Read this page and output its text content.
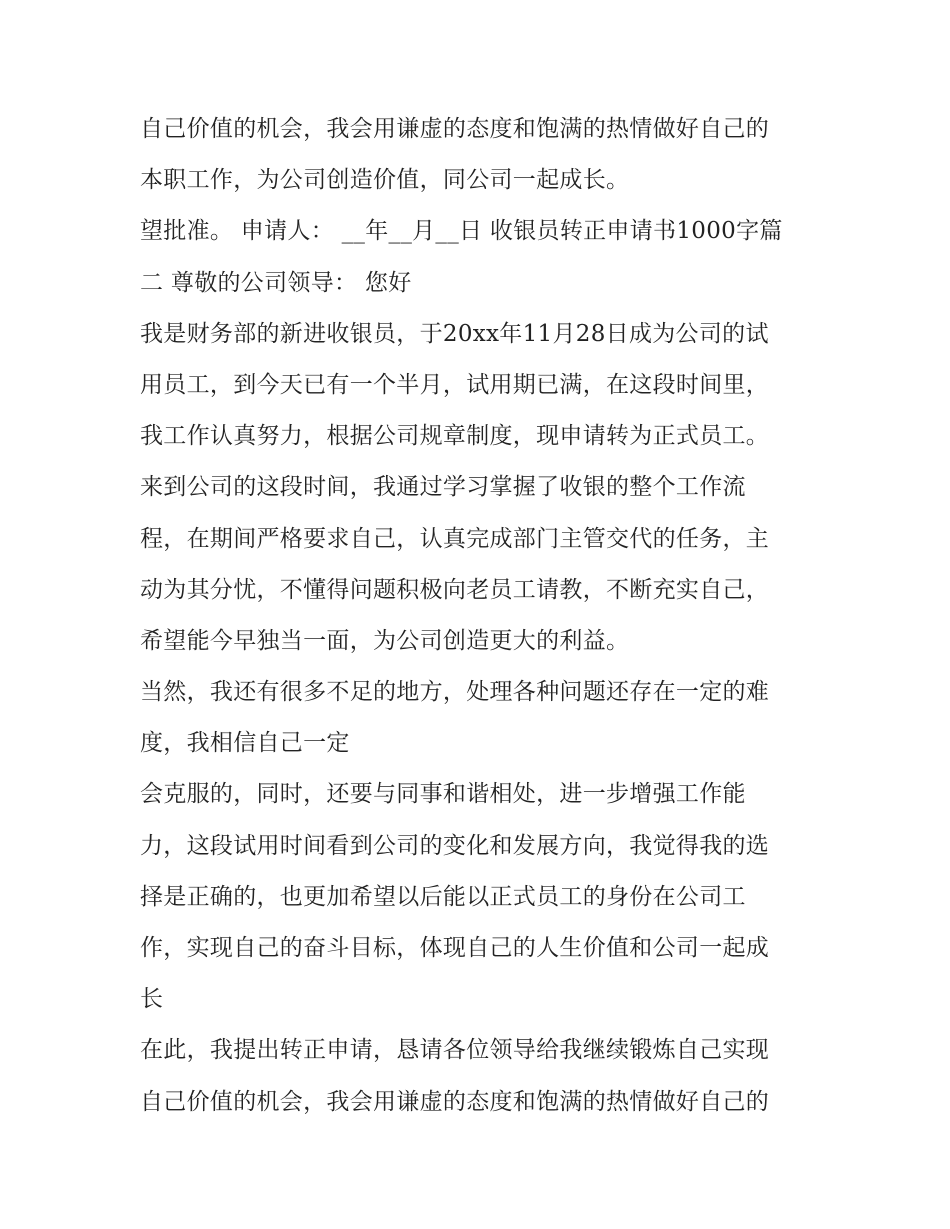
自己价值的机会，我会用谦虚的态度和饱满的热情做好自己的
本职工作，为公司创造价值，同公司一起成长。
望批准。 申请人： __年__月__日 收银员转正申请书1000字篇
二 尊敬的公司领导： 您好
我是财务部的新进收银员，于20xx年11月28日成为公司的试
用员工，到今天已有一个半月，试用期已满，在这段时间里，
我工作认真努力，根据公司规章制度，现申请转为正式员工。
来到公司的这段时间，我通过学习掌握了收银的整个工作流
程，在期间严格要求自己，认真完成部门主管交代的任务，主
动为其分忧，不懂得问题积极向老员工请教，不断充实自己，
希望能今早独当一面，为公司创造更大的利益。
当然，我还有很多不足的地方，处理各种问题还存在一定的难
度，我相信自己一定
会克服的，同时，还要与同事和谐相处，进一步增强工作能
力，这段试用时间看到公司的变化和发展方向，我觉得我的选
择是正确的，也更加希望以后能以正式员工的身份在公司工
作，实现自己的奋斗目标，体现自己的人生价值和公司一起成
长
在此，我提出转正申请，恳请各位领导给我继续锻炼自己实现
自己价值的机会，我会用谦虚的态度和饱满的热情做好自己的
